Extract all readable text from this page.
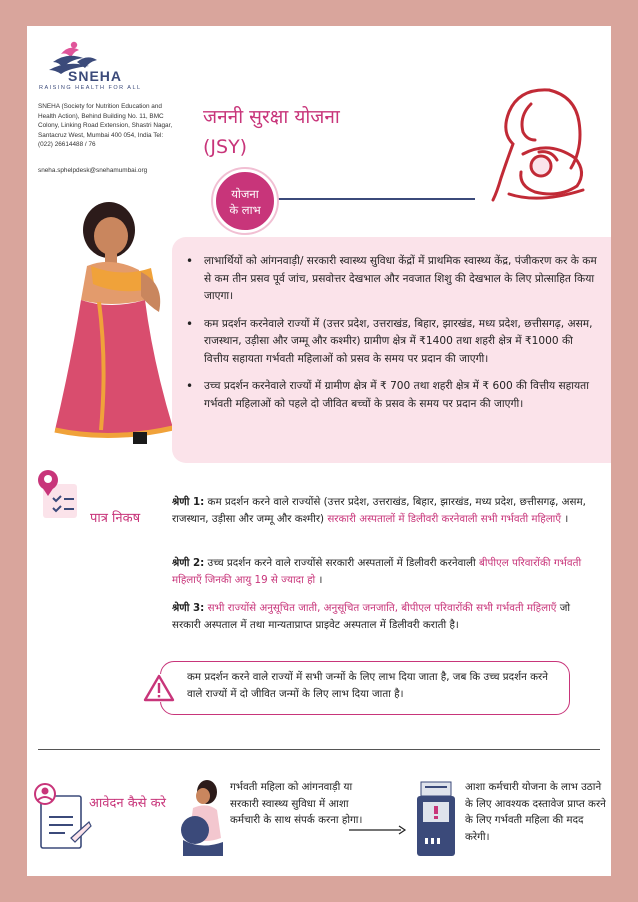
SNEHA
RAISING HEALTH FOR ALL
SNEHA (Society for Nutrition Education and Health Action), Behind Building No. 11, BMC Colony, Linking Road Extension, Shastri Nagar, Santacruz West, Mumbai 400 054, India Tel: (022) 26614488 / 76
sneha.sphelpdesk@snehamumbai.org
जननी सुरक्षा योजना
(JSY)
योजना
के लाभ
• लाभार्थियों को आंगनवाड़ी/ सरकारी स्वास्थ्य सुविधा केंद्रों में प्राथमिक स्वास्थ्य केंद्र, पंजीकरण कर के कम से कम तीन प्रसव पूर्व जांच, प्रसवोत्तर देखभाल और नवजात शिशु की देखभाल के लिए प्रोत्साहित किया जाएगा।
• कम प्रदर्शन करनेवाले राज्यों में (उत्तर प्रदेश, उत्तराखंड, बिहार, झारखंड, मध्य प्रदेश, छत्तीसगढ़, असम, राजस्थान, उड़ीसा और जम्मू और कश्मीर) ग्रामीण क्षेत्र में ₹1400 तथा शहरी क्षेत्र में ₹1000 की वित्तीय सहायता गर्भवती महिलाओं को प्रसव के समय पर प्रदान की जाएगी।
• उच्च प्रदर्शन करनेवाले राज्यों में ग्रामीण क्षेत्र में ₹ 700 तथा शहरी क्षेत्र में ₹ 600 की वित्तीय सहायता गर्भवती महिलाओं को पहले दो जीवित बच्चों के प्रसव के समय पर प्रदान की जाएगी।
पात्र निकष
श्रेणी 1: कम प्रदर्शन करने वाले राज्योंसे (उत्तर प्रदेश, उत्तराखंड, बिहार, झारखंड, मध्य प्रदेश, छत्तीसगढ़, असम, राजस्थान, उड़ीसा और जम्मू और कश्मीर) सरकारी अस्पतालों में डिलीवरी करनेवाली सभी गर्भवती महिलाएँ ।
श्रेणी 2: उच्च प्रदर्शन करने वाले राज्योंसे सरकारी अस्पतालों में डिलीवरी करनेवाली बीपीएल परिवारोंकी गर्भवती महिलाएँ जिनकी आयु 19 से ज्यादा हो ।
श्रेणी 3: सभी राज्योंसे अनुसूचित जाती, अनुसूचित जनजाति, बीपीएल परिवारोंकी सभी गर्भवती महिलाएँ जो सरकारी अस्पताल में तथा मान्यताप्राप्त प्राइवेट अस्पताल में डिलीवरी कराती है।
कम प्रदर्शन करने वाले राज्यों में सभी जन्मों के लिए लाभ दिया जाता है, जब कि उच्च प्रदर्शन करने वाले राज्यों में दो जीवित जन्मों के लिए लाभ दिया जाता है।
आवेदन कैसे करे
गर्भवती महिला को आंगनवाड़ी या सरकारी स्वास्थ्य सुविधा में आशा कर्मचारी के साथ संपर्क करना होगा।
आशा कर्मचारी योजना के लाभ उठाने के लिए आवश्यक दस्तावेज प्राप्त करने के लिए गर्भवती महिला की मदद करेगी।
